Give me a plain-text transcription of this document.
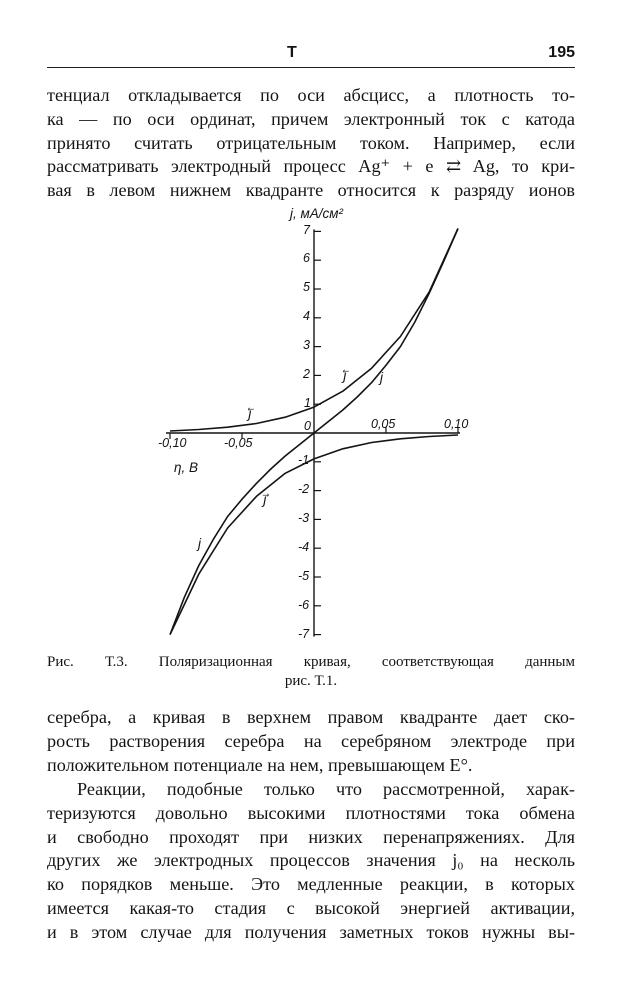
Т	195
тенциал откладывается по оси абсцисс, а плотность то-
ка — по оси ординат, причем электронный ток с катода
принято считать отрицательным током. Например, если
рассматривать электродный процесс Ag⁺ + e ⇄ Ag, то кри-
вая в левом нижнем квадранте относится к разряду ионов
j, мА/см²
η, В
0
-0,10	-0,05
0,05	0,10
7
6
5
4
3
2
1
-1
-2
-3
-4
-5
-6
-7
j
j⃖
j
j⃗
j⃖
Рис. Т.3. Поляризационная кривая, соответствующая данным
рис. Т.1.
серебра, а кривая в верхнем правом квадранте дает ско-
рость растворения серебра на серебряном электроде при
положительном потенциале на нем, превышающем E°.
Реакции, подобные только что рассмотренной, харак-
теризуются довольно высокими плотностями тока обмена
и свободно проходят при низких перенапряжениях. Для
других же электродных процессов значения j₀ на несколь
ко порядков меньше. Это медленные реакции, в которых
имеется какая-то стадия с высокой энергией активации,
и в этом случае для получения заметных токов нужны вы-
